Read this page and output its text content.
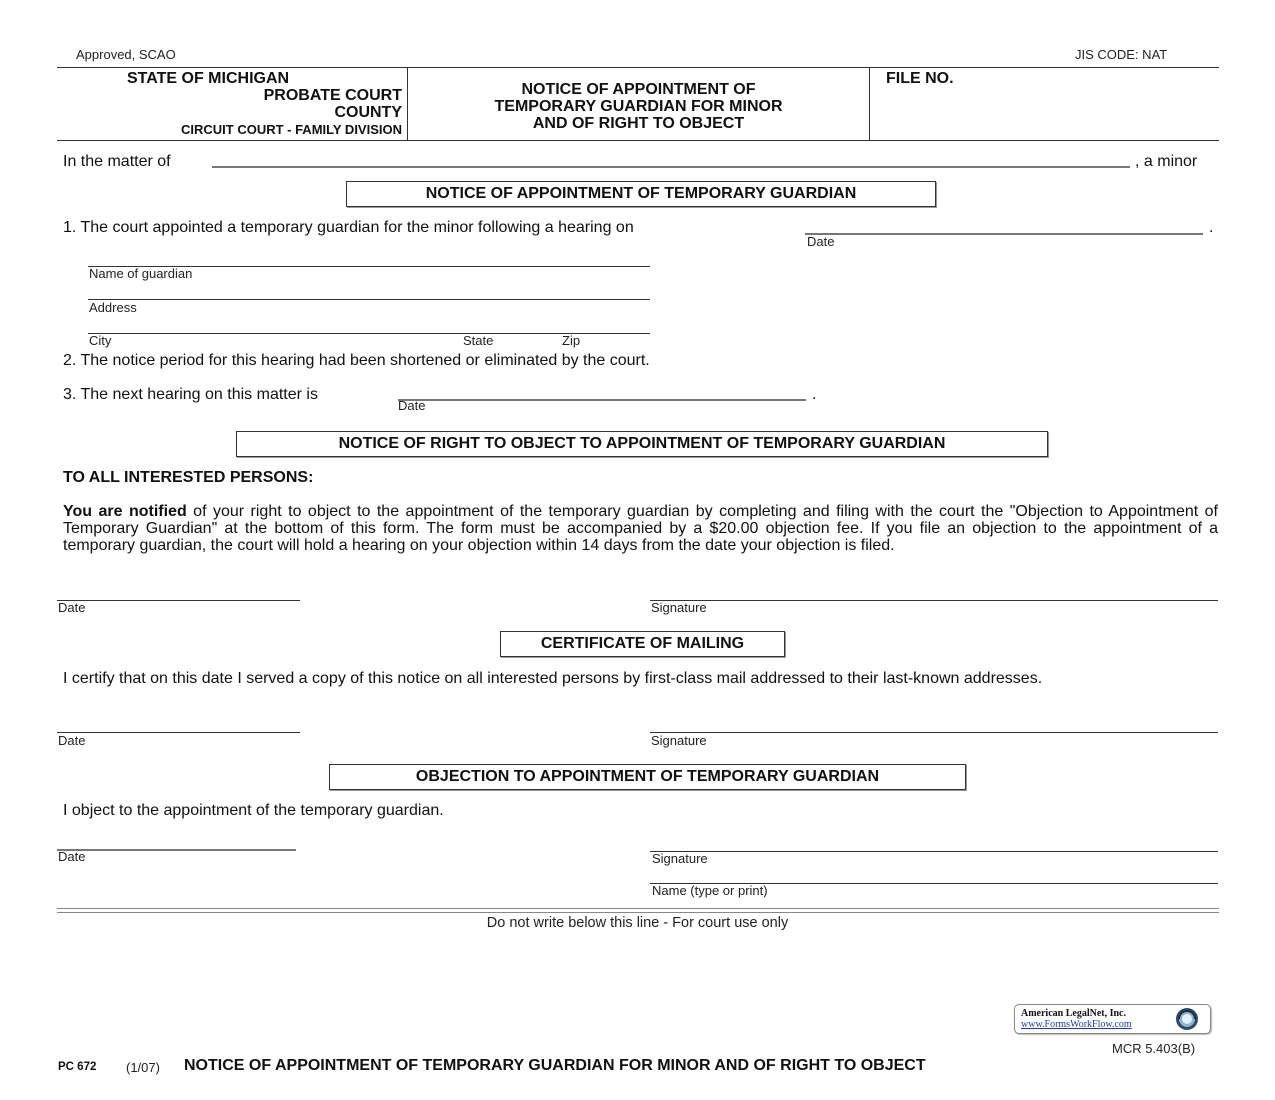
Approved, SCAO	JIS CODE: NAT
STATE OF MICHIGAN
PROBATE COURT
COUNTY
CIRCUIT COURT - FAMILY DIVISION
NOTICE OF APPOINTMENT OF
TEMPORARY GUARDIAN FOR MINOR
AND OF RIGHT TO OBJECT
FILE NO.
In the matter of	, a minor
NOTICE OF APPOINTMENT OF TEMPORARY GUARDIAN
1. The court appointed a temporary guardian for the minor following a hearing on
Date
.
Name of guardian
Address
City	State	Zip
2. The notice period for this hearing had been shortened or eliminated by the court.
3. The next hearing on this matter is
Date
.
NOTICE OF RIGHT TO OBJECT TO APPOINTMENT OF TEMPORARY GUARDIAN
TO ALL INTERESTED PERSONS:
You are notified of your right to object to the appointment of the temporary guardian by completing and filing with the court the "Objection to Appointment of Temporary Guardian" at the bottom of this form. The form must be accompanied by a $20.00 objection fee. If you file an objection to the appointment of a temporary guardian, the court will hold a hearing on your objection within 14 days from the date your objection is filed.
Date	Signature
CERTIFICATE OF MAILING
I certify that on this date I served a copy of this notice on all interested persons by first-class mail addressed to their last-known addresses.
Date	Signature
OBJECTION TO APPOINTMENT OF TEMPORARY GUARDIAN
I object to the appointment of the temporary guardian.
Date	Signature
Name (type or print)
Do not write below this line - For court use only
American LegalNet, Inc.
www.FormsWorkFlow.com
MCR 5.403(B)
PC 672 (1/07) NOTICE OF APPOINTMENT OF TEMPORARY GUARDIAN FOR MINOR AND OF RIGHT TO OBJECT
